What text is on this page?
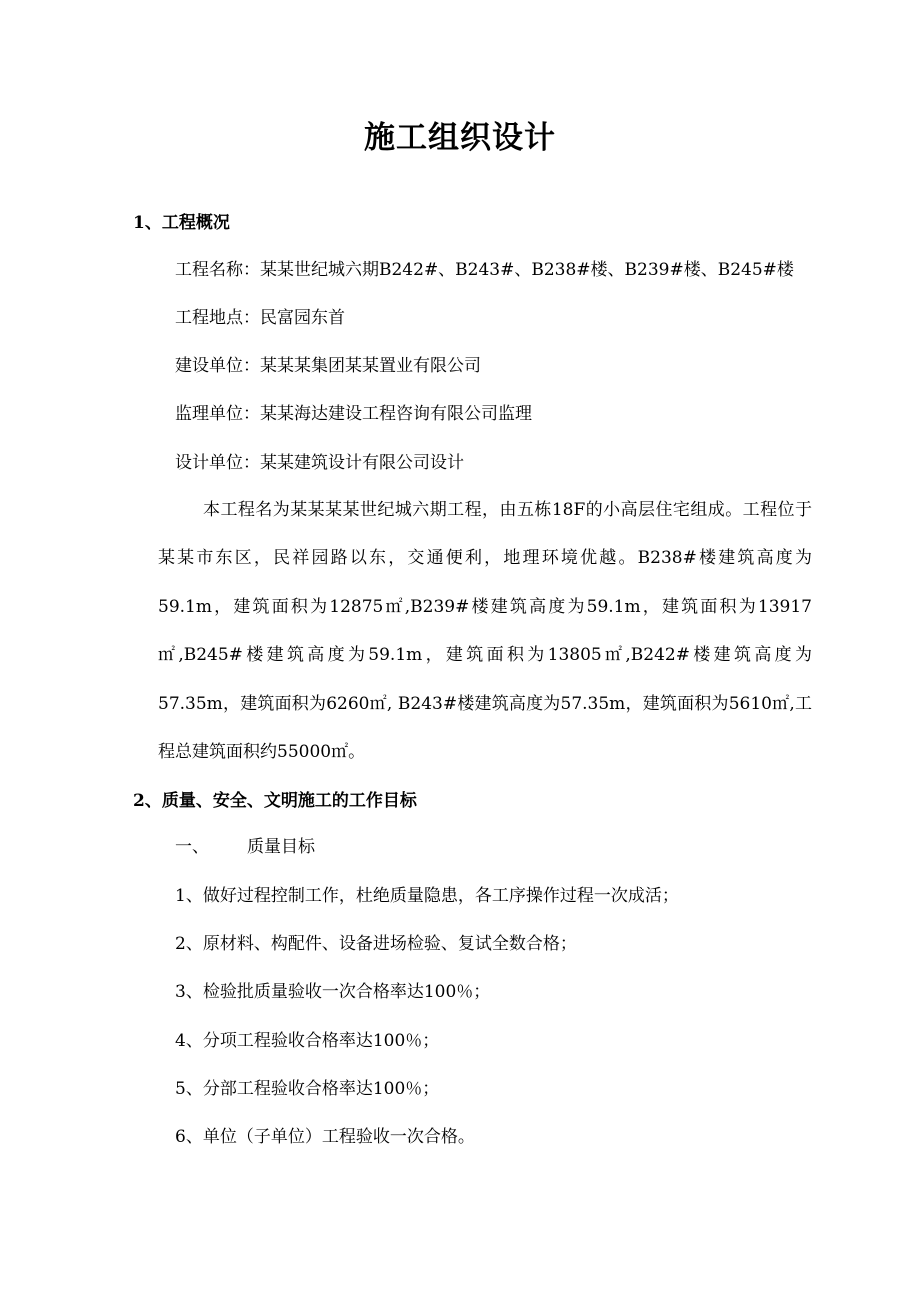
施工组织设计
1、工程概况
工程名称：某某世纪城六期B242#、B243#、B238#楼、B239#楼、B245#楼
工程地点：民富园东首
建设单位：某某某集团某某置业有限公司
监理单位：某某海达建设工程咨询有限公司监理
设计单位：某某建筑设计有限公司设计
本工程名为某某某某世纪城六期工程，由五栋18F的小高层住宅组成。工程位于某某市东区，民祥园路以东，交通便利，地理环境优越。B238#楼建筑高度为59.1m，建筑面积为12875㎡,B239#楼建筑高度为59.1m，建筑面积为13917㎡,B245#楼建筑高度为59.1m，建筑面积为13805㎡,B242#楼建筑高度为57.35m，建筑面积为6260㎡, B243#楼建筑高度为57.35m，建筑面积为5610㎡,工程总建筑面积约55000㎡。
2、质量、安全、文明施工的工作目标
一、 质量目标
1、做好过程控制工作，杜绝质量隐患，各工序操作过程一次成活；
2、原材料、构配件、设备进场检验、复试全数合格；
3、检验批质量验收一次合格率达100％；
4、分项工程验收合格率达100％；
5、分部工程验收合格率达100％；
6、单位（子单位）工程验收一次合格。
